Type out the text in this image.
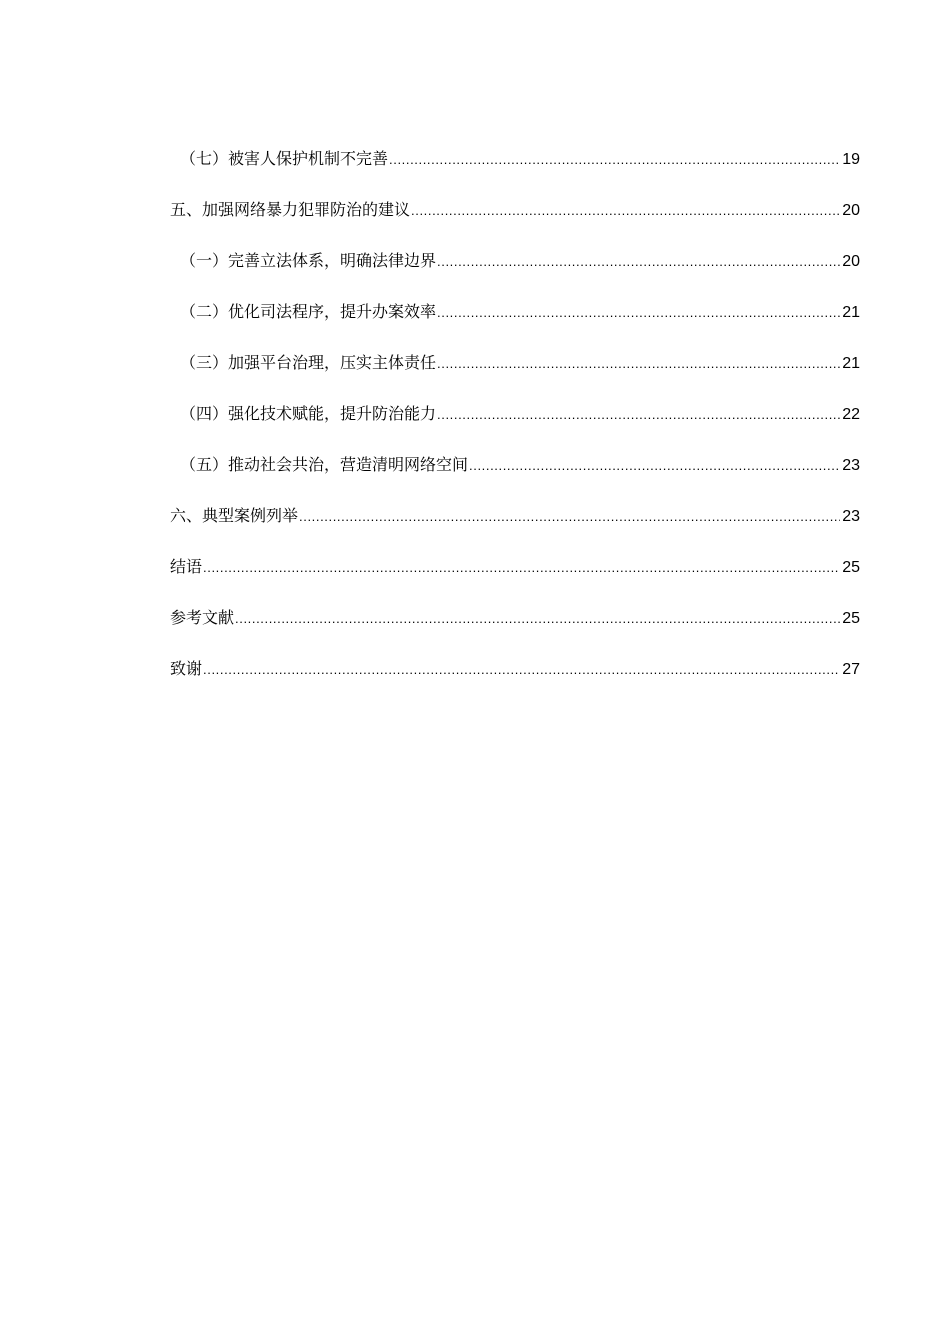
（七）被害人保护机制不完善 .....	19
五、加强网络暴力犯罪防治的建议 .....	20
（一）完善立法体系，明确法律边界 .....	20
（二）优化司法程序，提升办案效率 .....	21
（三）加强平台治理，压实主体责任 .....	21
（四）强化技术赋能，提升防治能力 .....	22
（五）推动社会共治，营造清明网络空间 .....	23
六、典型案例列举 .....	23
结语 .....	25
参考文献 .....	25
致谢 .....	27
